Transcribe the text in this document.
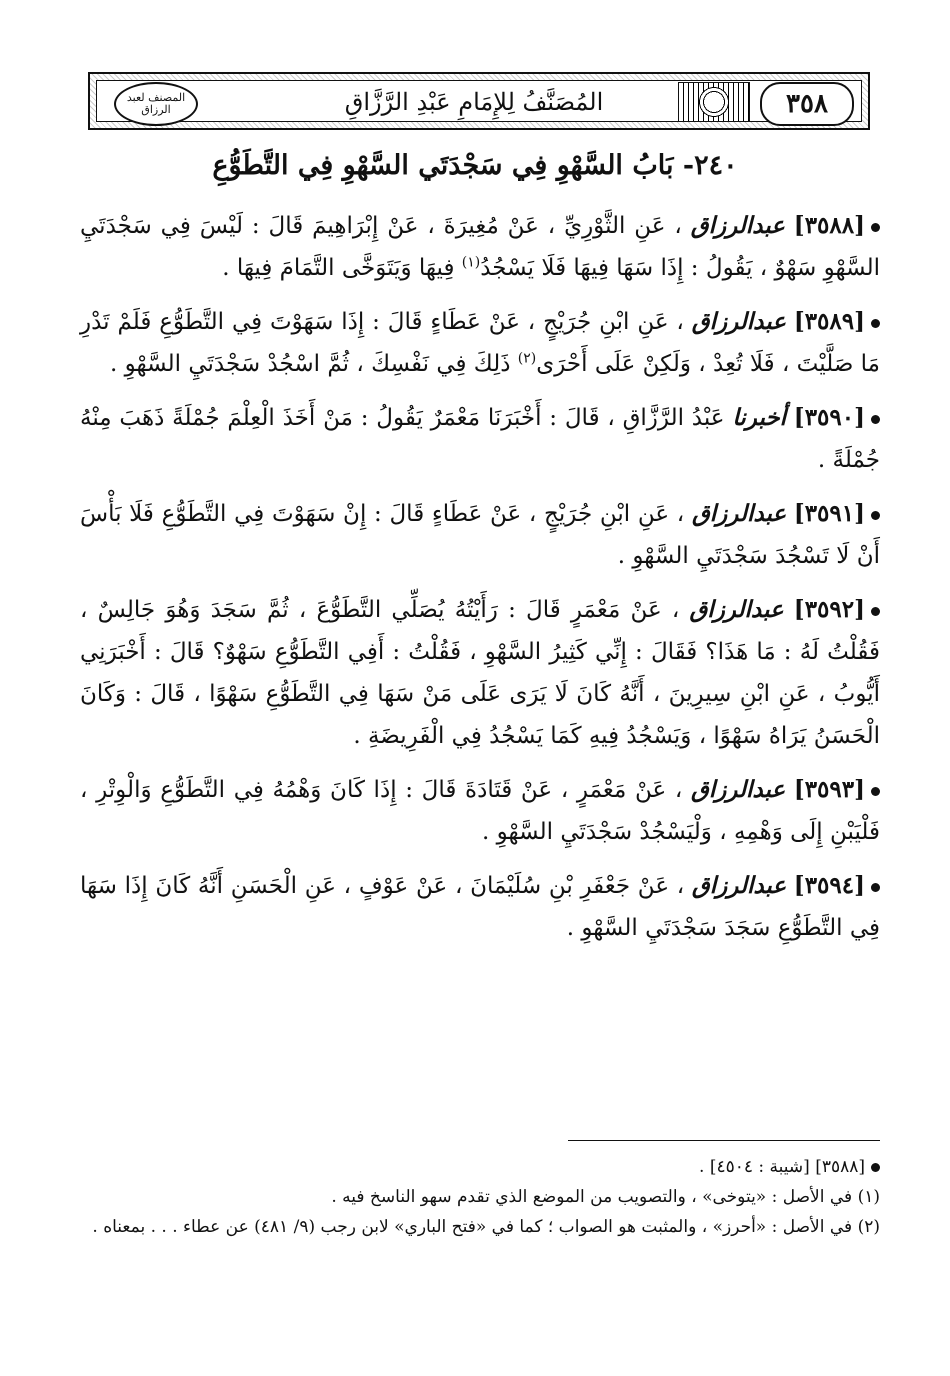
المصنف لعبد الرزاق	المُصَنَّفُ لِلإِمَامِ عَبْدِ الرَّزَّاقِ	٣٥٨
٢٤٠- بَابُ السَّهْوِ فِي سَجْدَتَي السَّهْوِ فِي التَّطَوُّعِ

[٣٥٨٨] عبدالرزاق ، عَنِ الثَّوْرِيِّ ، عَنْ مُغِيرَةَ ، عَنْ إِبْرَاهِيمَ قَالَ : لَيْسَ فِي سَجْدَتَيِ السَّهْوِ سَهْوٌ ، يَقُولُ : إِذَا سَهَا فِيهَا فَلَا يَسْجُدُ$^{(١)}$ فِيهَا وَيَتَوَخَّى التَّمَامَ فِيهَا .

[٣٥٨٩] عبدالرزاق ، عَنِ ابْنِ جُرَيْجٍ ، عَنْ عَطَاءٍ قَالَ : إِذَا سَهَوْتَ فِي التَّطَوُّعِ فَلَمْ تَدْرِ مَا صَلَّيْتَ ، فَلَا تُعِدْ ، وَلَكِنْ عَلَى أَحْرَى$^{(٢)}$ ذَلِكَ فِي نَفْسِكَ ، ثُمَّ اسْجُدْ سَجْدَتَيِ السَّهْوِ .

[٣٥٩٠] أخبرنا عَبْدُ الرَّزَّاقِ ، قَالَ : أَخْبَرَنَا مَعْمَرٌ يَقُولُ : مَنْ أَخَذَ الْعِلْمَ جُمْلَةً ذَهَبَ مِنْهُ جُمْلَةً .

[٣٥٩١] عبدالرزاق ، عَنِ ابْنِ جُرَيْجٍ ، عَنْ عَطَاءٍ قَالَ : إِنْ سَهَوْتَ فِي التَّطَوُّعِ فَلَا بَأْسَ أَنْ لَا تَسْجُدَ سَجْدَتَيِ السَّهْوِ .

[٣٥٩٢] عبدالرزاق ، عَنْ مَعْمَرٍ قَالَ : رَأَيْتُهُ يُصَلِّي التَّطَوُّعَ ، ثُمَّ سَجَدَ وَهُوَ جَالِسٌ ، فَقُلْتُ لَهُ : مَا هَذَا؟ فَقَالَ : إِنِّي كَثِيرُ السَّهْوِ ، فَقُلْتُ : أَفِي التَّطَوُّعِ سَهْوٌ؟ قَالَ : أَخْبَرَنِي أَيُّوبُ ، عَنِ ابْنِ سِيرِينَ ، أَنَّهُ كَانَ لَا يَرَى عَلَى مَنْ سَهَا فِي التَّطَوُّعِ سَهْوًا ، قَالَ : وَكَانَ الْحَسَنُ يَرَاهُ سَهْوًا ، وَيَسْجُدُ فِيهِ كَمَا يَسْجُدُ فِي الْفَرِيضَةِ .

[٣٥٩٣] عبدالرزاق ، عَنْ مَعْمَرٍ ، عَنْ قَتَادَةَ قَالَ : إِذَا كَانَ وَهْمُهُ فِي التَّطَوُّعِ وَالْوِتْرِ ، فَلْيَبْنِ إِلَى وَهْمِهِ ، وَلْيَسْجُدْ سَجْدَتَيِ السَّهْوِ .

[٣٥٩٤] عبدالرزاق ، عَنْ جَعْفَرِ بْنِ سُلَيْمَانَ ، عَنْ عَوْفٍ ، عَنِ الْحَسَنِ أَنَّهُ كَانَ إِذَا سَهَا فِي التَّطَوُّعِ سَجَدَ سَجْدَتَيِ السَّهْوِ .

[٣٥٨٨] [شيبة : ٤٥٠٤] .

(١) في الأصل : «يتوخى» ، والتصويب من الموضع الذي تقدم سهو الناسخ فيه .

(٢) في الأصل : «أحرز» ، والمثبت هو الصواب ؛ كما في «فتح الباري» لابن رجب (٩/ ٤٨١) عن عطاء . . . بمعناه .
